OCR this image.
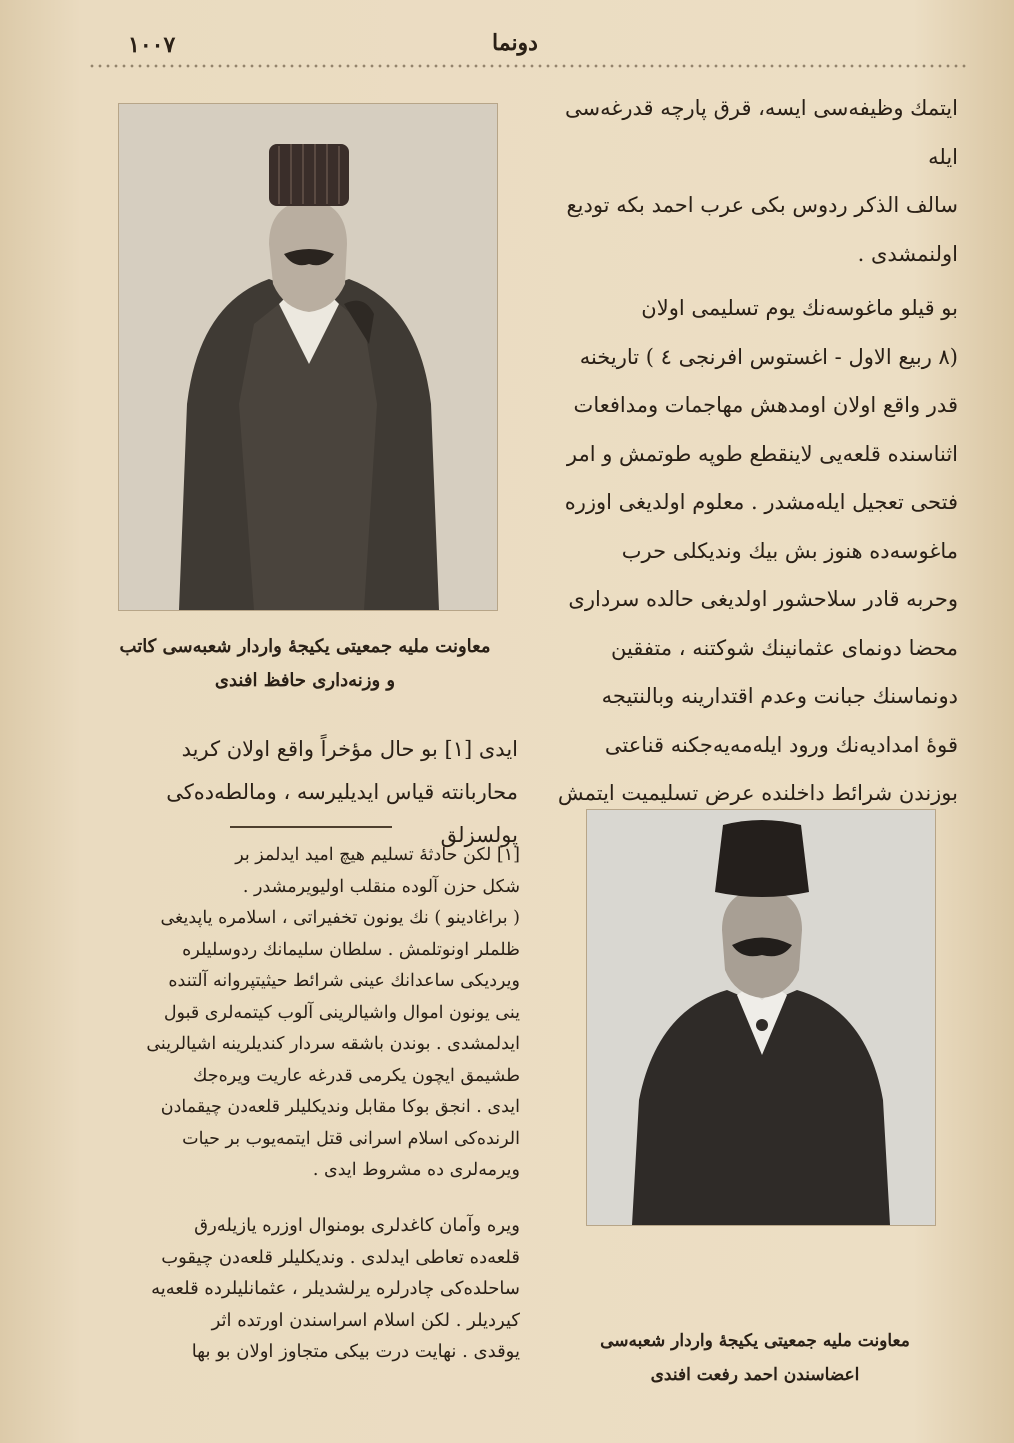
١٠٠٧	دونما

ایتمك وظیفه‌سی ایسه، قرق پارچه قدرغه‌سی ایله

سالف الذکر ردوس بکی عرب احمد بکه تودیع

اولنمشدی .

بو قیلو ماغوسه‌نك يوم تسلیمی اولان

(٨ ربیع الاول - اغستوس افرنجی ٤ ) تاریخنه

قدر واقع اولان اومدهش مهاجمات ومدافعات

اثناسنده قلعه‌یی لاینقطع طوپه طوتمش و امر

فتحی تعجیل ایله‌مشدر . معلوم اولدیغی اوزره

ماغوسه‌ده هنوز بش بیك وندیكلی حرب

وحربه قادر سلاحشور اولدیغی حالده سرداری

محضا دونمای عثمانینك شوكتنه ، متفقین

دونماسنك جبانت وعدم اقتدارینه وبالنتیجه

قوهٔ امدادیه‌نك ورود ایله‌مه‌یه‌جکنه قناعتی

بوزندن شرائط داخلنده عرض تسلیمیت ایتمش

معاونت ملیه جمعیتی یکیجهٔ واردار شعبه‌سی کاتب
و وزنه‌داری حافظ افندی

ایدی [١] بو حال مؤخراً واقع اولان کرید

محاربانته قیاس ایدیلیرسه ، ومالطه‌ده‌کی پولسزلق

[١] لکن حادثهٔ تسلیم هیچ امید ایدلمز بر

شکل حزن آلوده منقلب اولیویرمشدر .

( براغادینو ) نك يونون تخفیراتی ، اسلامره یاپدیغی

ظلملر اونوتلمش . سلطان سلیمانك ردوسلیلره

ویردیکی ساعدانك عینی شرائط حیثیتپروانه آلتنده

ینی يونون اموال واشیالرینی آلوب کیتمه‌لری قبول

ایدلمشدی . بوندن باشقه سردار کندیلرینه اشیالرینی

طشیمق ایچون یکرمی قدرغه عاریت ویره‌جك

ایدی . انجق بوکا مقابل وندیكلیلر قلعه‌دن چیقمادن

الرنده‌کی اسلام اسرانی قتل ایتمه‌یوب بر حیات

ویرمه‌لری ده مشروط ایدی .

ویره وآمان کاغدلری بومنوال اوزره یازیله‌رق

قلعه‌ده تعاطی ایدلدی . وندیكلیلر قلعه‌دن چیقوب

ساحلده‌کی چادرلره یرلشدیلر ، عثمانلیلرده قلعه‌یه

کیردیلر . لکن اسلام اسراسندن اورتده اثر

یوقدی . نهایت درت بیکی متجاوز اولان بو بها	معاونت ملیه جمعیتی یکیجهٔ واردار شعبه‌سی
اعضاسندن احمد رفعت افندی
